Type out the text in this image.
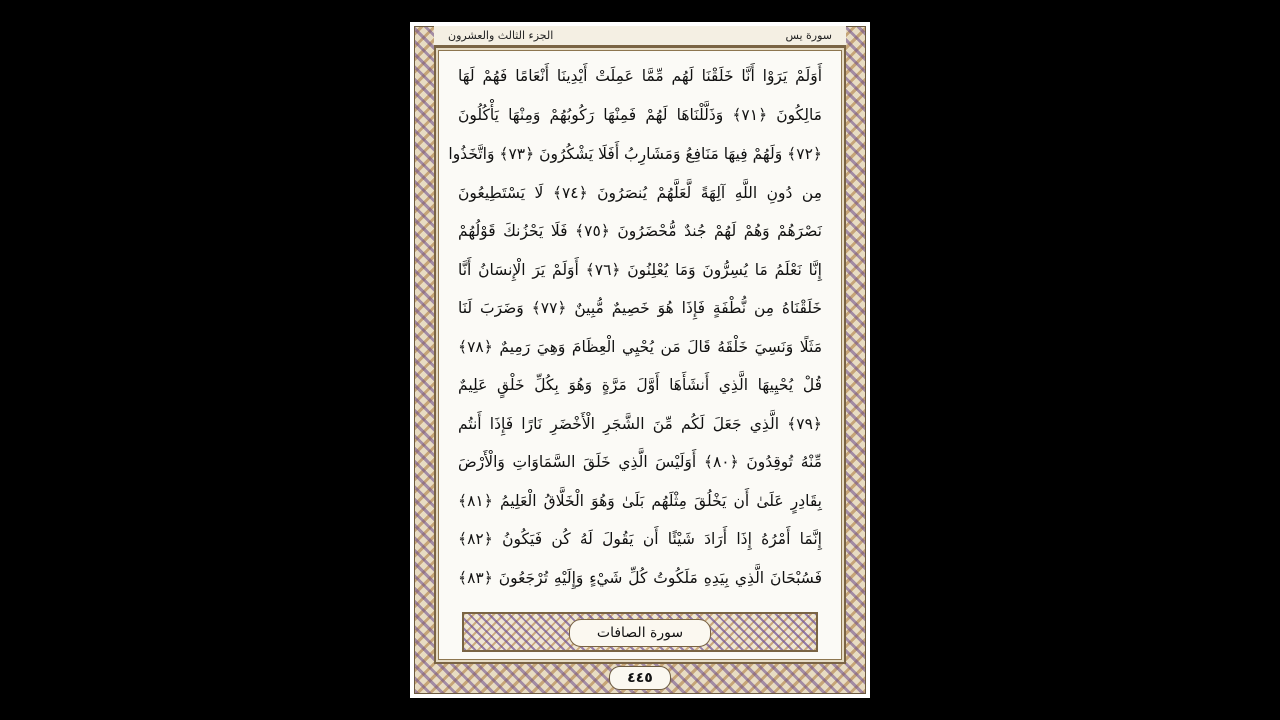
الجزء الثالث والعشرون	سورة يس
أَوَلَمْ يَرَوْا أَنَّا خَلَقْنَا لَهُم مِّمَّا عَمِلَتْ أَيْدِينَا أَنْعَامًا فَهُمْ لَهَا
مَالِكُونَ ﴿٧١﴾ وَذَلَّلْنَاهَا لَهُمْ فَمِنْهَا رَكُوبُهُمْ وَمِنْهَا يَأْكُلُونَ
﴿٧٢﴾ وَلَهُمْ فِيهَا مَنَافِعُ وَمَشَارِبُ أَفَلَا يَشْكُرُونَ ﴿٧٣﴾ وَاتَّخَذُوا
مِن دُونِ اللَّهِ آلِهَةً لَّعَلَّهُمْ يُنصَرُونَ ﴿٧٤﴾ لَا يَسْتَطِيعُونَ
نَصْرَهُمْ وَهُمْ لَهُمْ جُندٌ مُّحْضَرُونَ ﴿٧٥﴾ فَلَا يَحْزُنكَ قَوْلُهُمْ
إِنَّا نَعْلَمُ مَا يُسِرُّونَ وَمَا يُعْلِنُونَ ﴿٧٦﴾ أَوَلَمْ يَرَ الْإِنسَانُ أَنَّا
خَلَقْنَاهُ مِن نُّطْفَةٍ فَإِذَا هُوَ خَصِيمٌ مُّبِينٌ ﴿٧٧﴾ وَضَرَبَ لَنَا
مَثَلًا وَنَسِيَ خَلْقَهُ قَالَ مَن يُحْيِي الْعِظَامَ وَهِيَ رَمِيمٌ ﴿٧٨﴾
قُلْ يُحْيِيهَا الَّذِي أَنشَأَهَا أَوَّلَ مَرَّةٍ وَهُوَ بِكُلِّ خَلْقٍ عَلِيمٌ
﴿٧٩﴾ الَّذِي جَعَلَ لَكُم مِّنَ الشَّجَرِ الْأَخْضَرِ نَارًا فَإِذَا أَنتُم
مِّنْهُ تُوقِدُونَ ﴿٨٠﴾ أَوَلَيْسَ الَّذِي خَلَقَ السَّمَاوَاتِ وَالْأَرْضَ
بِقَادِرٍ عَلَىٰ أَن يَخْلُقَ مِثْلَهُم بَلَىٰ وَهُوَ الْخَلَّاقُ الْعَلِيمُ ﴿٨١﴾
إِنَّمَا أَمْرُهُ إِذَا أَرَادَ شَيْئًا أَن يَقُولَ لَهُ كُن فَيَكُونُ ﴿٨٢﴾
فَسُبْحَانَ الَّذِي بِيَدِهِ مَلَكُوتُ كُلِّ شَيْءٍ وَإِلَيْهِ تُرْجَعُونَ ﴿٨٣﴾
سورة الصافات
٤٤٥
